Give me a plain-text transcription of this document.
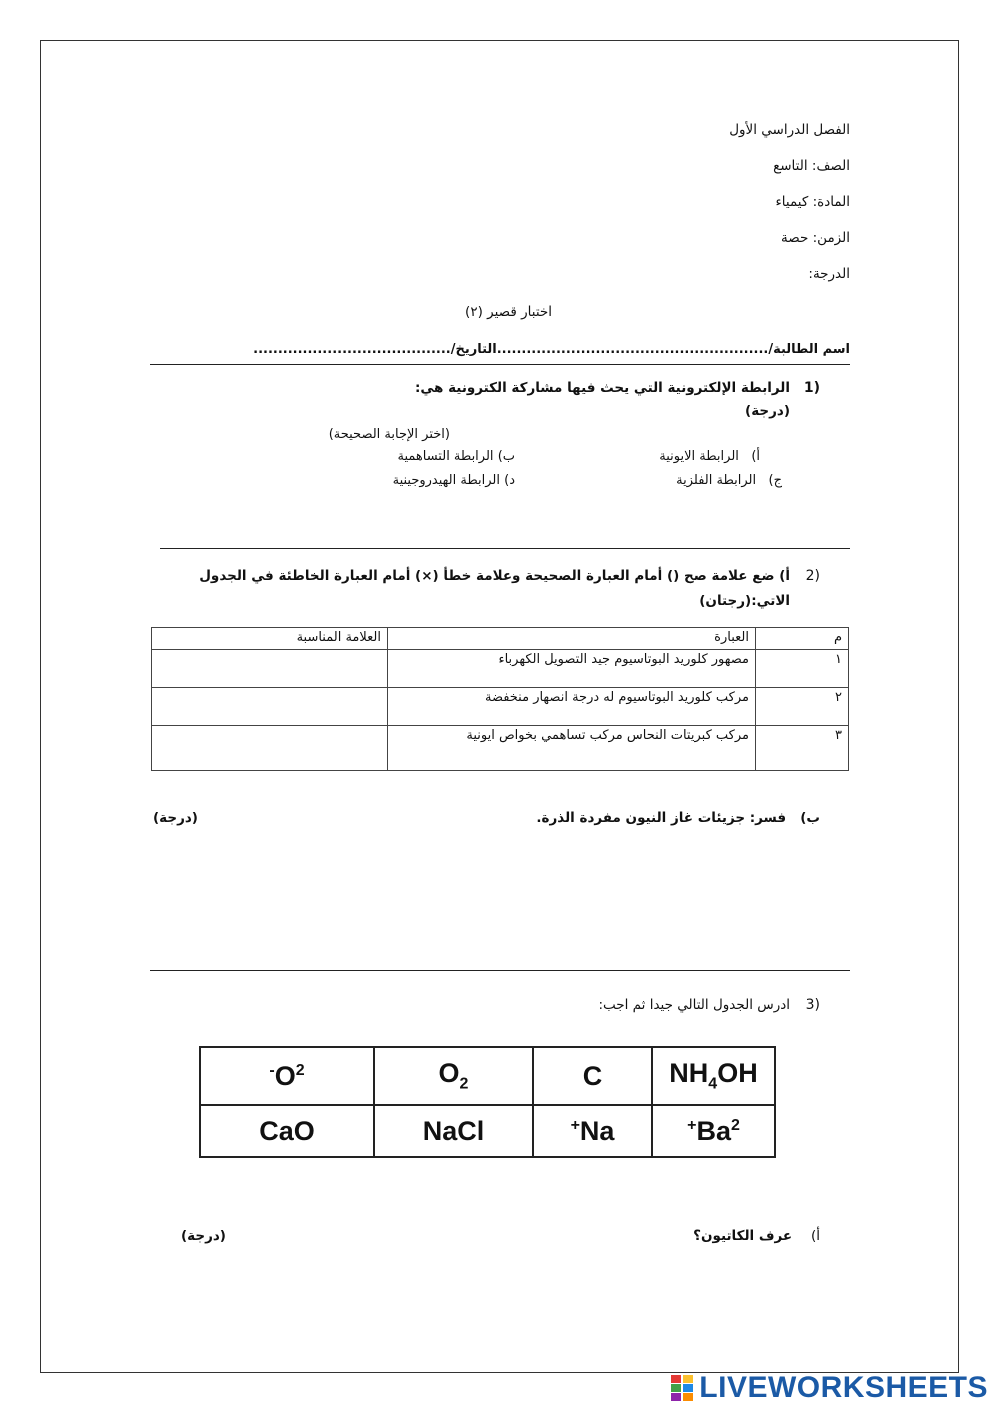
الفصل الدراسي الأول
الصف: التاسع
المادة: كيمياء
الزمن: حصة
الدرجة:
اختبار قصير (٢)
اسم الطالبة/.......................................................التاريخ/........................................
1)
الرابطة الإلكترونية التي يحث فيها مشاركة الكترونية هي:
(درجة)
(اختر الإجابة الصحيحة)
أ)   الرابطة الايونية
ب) الرابطة التساهمية
ج)   الرابطة الفلزية
د) الرابطة الهيدروجينية
2)
أ) ضع علامة صح () أمام العبارة الصحيحة وعلامة خطأ (×) أمام العبارة الخاطئة في الجدول
الاتي:(رجتان)
م	العبارة	العلامة المناسبة
١	مصهور كلوريد البوتاسيوم جيد التصويل الكهرباء	
٢	مركب كلوريد البوتاسيوم له درجة انصهار منخفضة	
٣	مركب كبريتات النحاس مركب تساهمي بخواص ايونية	
ب)   فسر: جزيئات غاز النيون مفردة الذرة.
(درجة)
3)
ادرس الجدول التالي جيدا ثم اجب:
$^-O^2$	$O_2$	C	$NH_4OH$
CaO	NaCl	+Na	+Ba$^2$
أ)    عرف الكاتيون؟
(درجة)
LIVEWORKSHEETS
